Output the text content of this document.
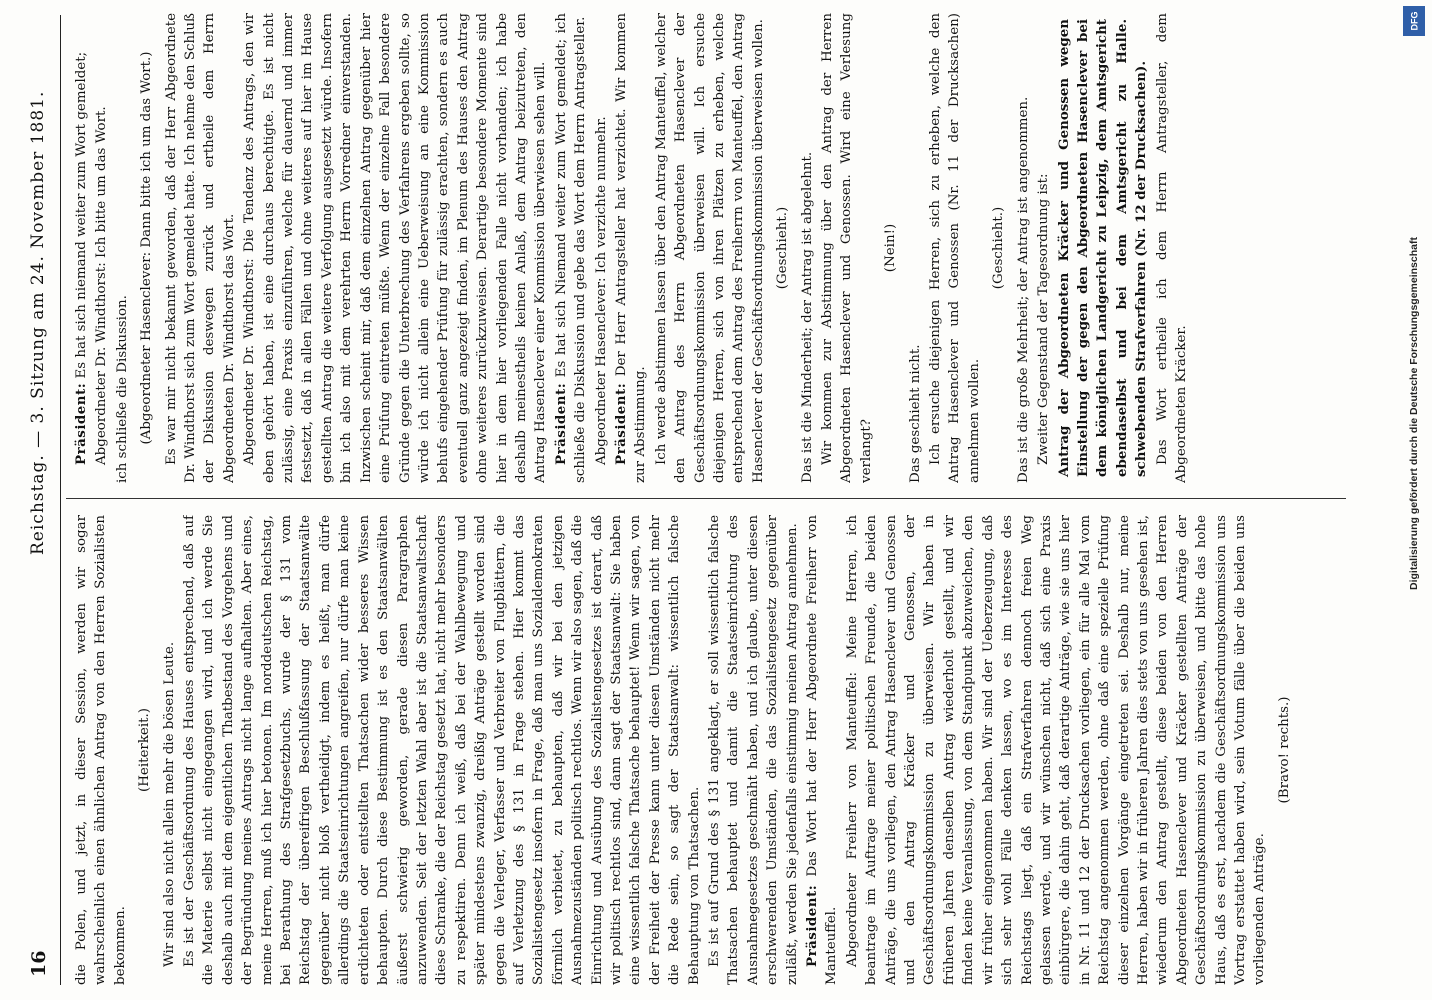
16
Reichstag. — 3. Sitzung am 24. November 1881.

die Polen, und jetzt, in dieser Session, werden wir sogar wahrscheinlich einen ähnlichen Antrag von den Herren Sozialisten bekommen.

(Heiterkeit.) Wir sind also nicht allein mehr die bösen Leute. Es ist der Geschäftsordnung des Hauses entsprechend, daß auf die Materie selbst nicht eingegangen wird, und ich werde Sie deshalb auch mit dem eigentlichen Thatbestand des Vorgehens und der Begründung meines Antrags nicht lange aufhalten. Aber eines, meine Herren, muß ich hier betonen. Im norddeutschen Reichstag, bei Berathung des Strafgesetzbuchs, wurde der § 131 vom Reichstag der übereifrigen Beschlußfassung der Staatsanwälte gegenüber nicht bloß vertheidigt, indem es heißt, man dürfe allerdings die Staatseinrichtungen angreifen, nur dürfe man keine erdichteten oder entstellten Thatsachen wider besseres Wissen behaupten. Durch diese Bestimmung ist es den Staatsanwälten äußerst schwierig geworden, gerade diesen Paragraphen anzuwenden. Seit der letzten Wahl aber ist die Staatsanwaltschaft diese Schranke, die der Reichstag gesetzt hat, nicht mehr besonders zu respektiren. Denn ich weiß, daß bei der Wahlbewegung und später mindestens zwanzig, dreißig Anträge gestellt worden sind gegen die Verleger, Verfasser und Verbreiter von Flugblättern, die auf Verletzung des § 131 in Frage stehen. Hier kommt das Sozialistengesetz insofern in Frage, daß man uns Sozialdemokraten förmlich verbietet, zu behaupten, daß wir bei den jetzigen Ausnahmezuständen politisch rechtlos. Wenn wir also sagen, daß die Einrichtung und Ausübung des Sozialistengesetzes ist derart, daß wir politisch rechtlos sind, dann sagt der Staatsanwalt: Sie haben eine wissentlich falsche Thatsache behauptet! Wenn wir sagen, von der Freiheit der Presse kann unter diesen Umständen nicht mehr die Rede sein, so sagt der Staatsanwalt: wissentlich falsche Behauptung von Thatsachen. Es ist auf Grund des § 131 angeklagt, er soll wissentlich falsche Thatsachen behauptet und damit die Staatseinrichtung des Ausnahmegesetzes geschmäht haben, und ich glaube, unter diesen erschwerenden Umständen, die das Sozialistengesetz gegenüber zuläßt, werden Sie jedenfalls einstimmig meinen Antrag annehmen. Präsident: Das Wort hat der Herr Abgeordnete Freiherr von Manteuffel. Abgeordneter Freiherr von Manteuffel: Meine Herren, ich beantrage im Auftrage meiner politischen Freunde, die beiden Anträge, die uns vorliegen, den Antrag Hasenclever und Genossen und den Antrag Kräcker und Genossen, der Geschäftsordnungskommission zu überweisen. Wir haben in früheren Jahren denselben Antrag wiederholt gestellt, und wir finden keine Veranlassung, von dem Standpunkt abzuweichen, den wir früher eingenommen haben. Wir sind der Ueberzeugung, daß sich sehr wohl Fälle denken lassen, wo es im Interesse des Reichstags liegt, daß ein Strafverfahren dennoch freien Weg gelassen werde, und wir wünschen nicht, daß sich eine Praxis einbürgere, die dahin geht, daß derartige Anträge, wie sie uns hier in Nr. 11 und 12 der Drucksachen vorliegen, ein für alle Mal vom Reichstag angenommen werden, ohne daß eine spezielle Prüfung dieser einzelnen Vorgänge eingetreten sei. Deshalb nur, meine Herren, haben wir in früheren Jahren dies stets von uns gesehen ist, wiederum den Antrag gestellt, diese beiden von den Herren Abgeordneten Hasenclever und Kräcker gestellten Anträge der Geschäftsordnungskommission zu überweisen, und bitte das hohe Haus, daß es erst, nachdem die Geschäftsordnungskommission uns Vortrag erstattet haben wird, sein Votum fälle über die beiden uns vorliegenden Anträge.

(Bravo! rechts.)

Präsident: Es hat sich niemand weiter zum Wort gemeldet; Abgeordneter Dr. Windthorst: Ich bitte um das Wort. ich schließe die Diskussion. (Abgeordneter Hasenclever: Dann bitte ich um das Wort.) Es war mir nicht bekannt geworden, daß der Herr Abgeordnete Dr. Windthorst sich zum Wort gemeldet hatte. Ich nehme den Schluß der Diskussion deswegen zurück und ertheile dem Herrn Abgeordneten Dr. Windthorst das Wort. Abgeordneter Dr. Windthorst: Die Tendenz des Antrags, den wir eben gehört haben, ist eine durchaus berechtigte. Es ist nicht zulässig, eine Praxis einzuführen, welche für dauernd und immer festsetzt, daß in allen Fällen und ohne weiteres auf hier im Hause gestellten Antrag die weitere Verfolgung ausgesetzt würde. Insofern bin ich also mit dem verehrten Herrn Vorredner einverstanden. Inzwischen scheint mir, daß dem einzelnen Antrag gegenüber hier eine Prüfung eintreten müßte. Wenn der einzelne Fall besondere Gründe gegen die Unterbrechung des Verfahrens ergeben sollte, so würde ich nicht allein eine Ueberweisung an eine Kommission behufs eingehender Prüfung für zulässig erachten, sondern es auch eventuell ganz angezeigt finden, im Plenum des Hauses den Antrag ohne weiteres zurückzuweisen. Derartige besondere Momente sind hier in dem hier vorliegenden Falle nicht vorhanden; ich habe deshalb meinestheils keinen Anlaß, dem Antrag beizutreten, den Antrag Hasenclever einer Kommission überwiesen sehen will. Präsident: Es hat sich Niemand weiter zum Wort gemeldet; ich schließe die Diskussion und gebe das Wort dem Herrn Antragsteller. Abgeordneter Hasenclever: Ich verzichte nunmehr. Präsident: Der Herr Antragsteller hat verzichtet. Wir kommen zur Abstimmung. Ich werde abstimmen lassen über den Antrag Manteuffel, welcher den Antrag des Herrn Abgeordneten Hasenclever der Geschäftsordnungskommission überweisen will. Ich ersuche diejenigen Herren, sich von ihren Plätzen zu erheben, welche entsprechend dem Antrag des Freiherrn von Manteuffel, den Antrag Hasenclever der Geschäftsordnungskommission überweisen wollen. (Geschieht.) Das ist die Minderheit; der Antrag ist abgelehnt. Wir kommen zur Abstimmung über den Antrag der Herren Abgeordneten Hasenclever und Genossen. Wird eine Verlesung verlangt?

(Nein!)

Das geschieht nicht. Ich ersuche diejenigen Herren, sich zu erheben, welche den Antrag Hasenclever und Genossen (Nr. 11 der Drucksachen) annehmen wollen.

(Geschieht.) Das ist die große Mehrheit; der Antrag ist angenommen. Zweiter Gegenstand der Tagesordnung ist: Antrag der Abgeordneten Kräcker und Genossen wegen Einstellung der gegen den Abgeordneten Hasenclever bei dem königlichen Landgericht zu Leipzig, dem Amtsgericht ebendaselbst und bei dem Amtsgericht zu Halle. schwebenden Strafverfahren (Nr. 12 der Drucksachen). Das Wort ertheile ich dem Herrn Antragsteller, dem Abgeordneten Kräcker.

DFG
Digitalisierung gefördert durch die Deutsche Forschungsgemeinschaft
